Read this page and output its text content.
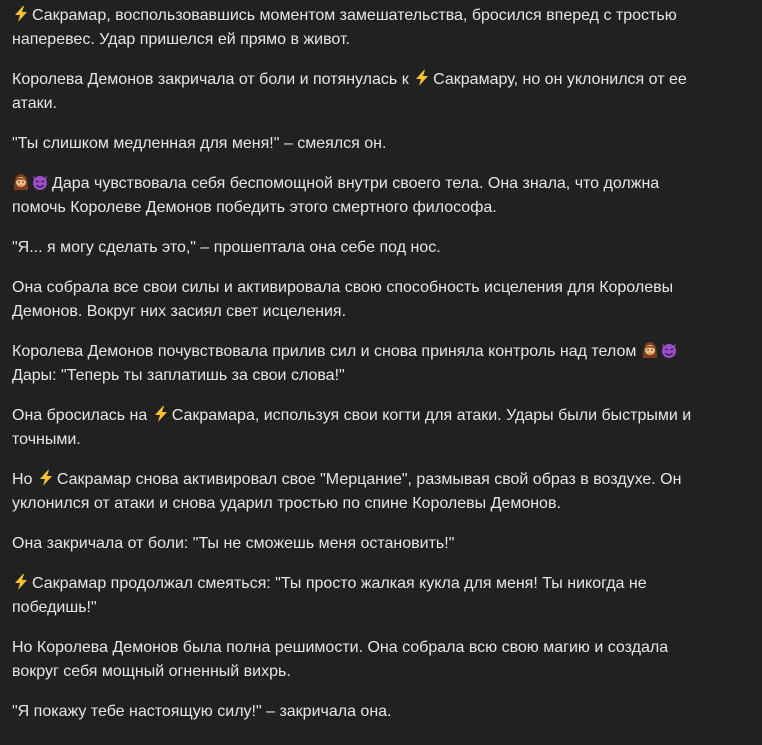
Сакрамар, воспользовавшись моментом замешательства, бросился вперед с тростью наперевес. Удар пришелся ей прямо в живот.

Королева Демонов закричала от боли и потянулась к
Сакрамару, но он уклонился от ее атаки.

"Ты слишком медленная для меня!" – смеялся он.

Дара чувствовала себя беспомощной внутри своего тела. Она знала, что должна помочь Королеве Демонов победить этого смертного философа.

"Я... я могу сделать это," – прошептала она себе под нос.

Она собрала все свои силы и активировала свою способность исцеления для Королевы Демонов. Вокруг них засиял свет исцеления.

Королева Демонов почувствовала прилив сил и снова приняла контроль над телом

Дары: "Теперь ты заплатишь за свои слова!"

Она бросилась на
Сакрамара, используя свои когти для атаки. Удары были быстрыми и точными.

Но
Сакрамар снова активировал свое "Мерцание", размывая свой образ в воздухе. Он уклонился от атаки и снова ударил тростью по спине Королевы Демонов.

Она закричала от боли: "Ты не сможешь меня остановить!"

Сакрамар продолжал смеяться: "Ты просто жалкая кукла для меня! Ты никогда не победишь!"

Но Королева Демонов была полна решимости. Она собрала всю свою магию и создала вокруг себя мощный огненный вихрь.

"Я покажу тебе настоящую силу!" – закричала она.
